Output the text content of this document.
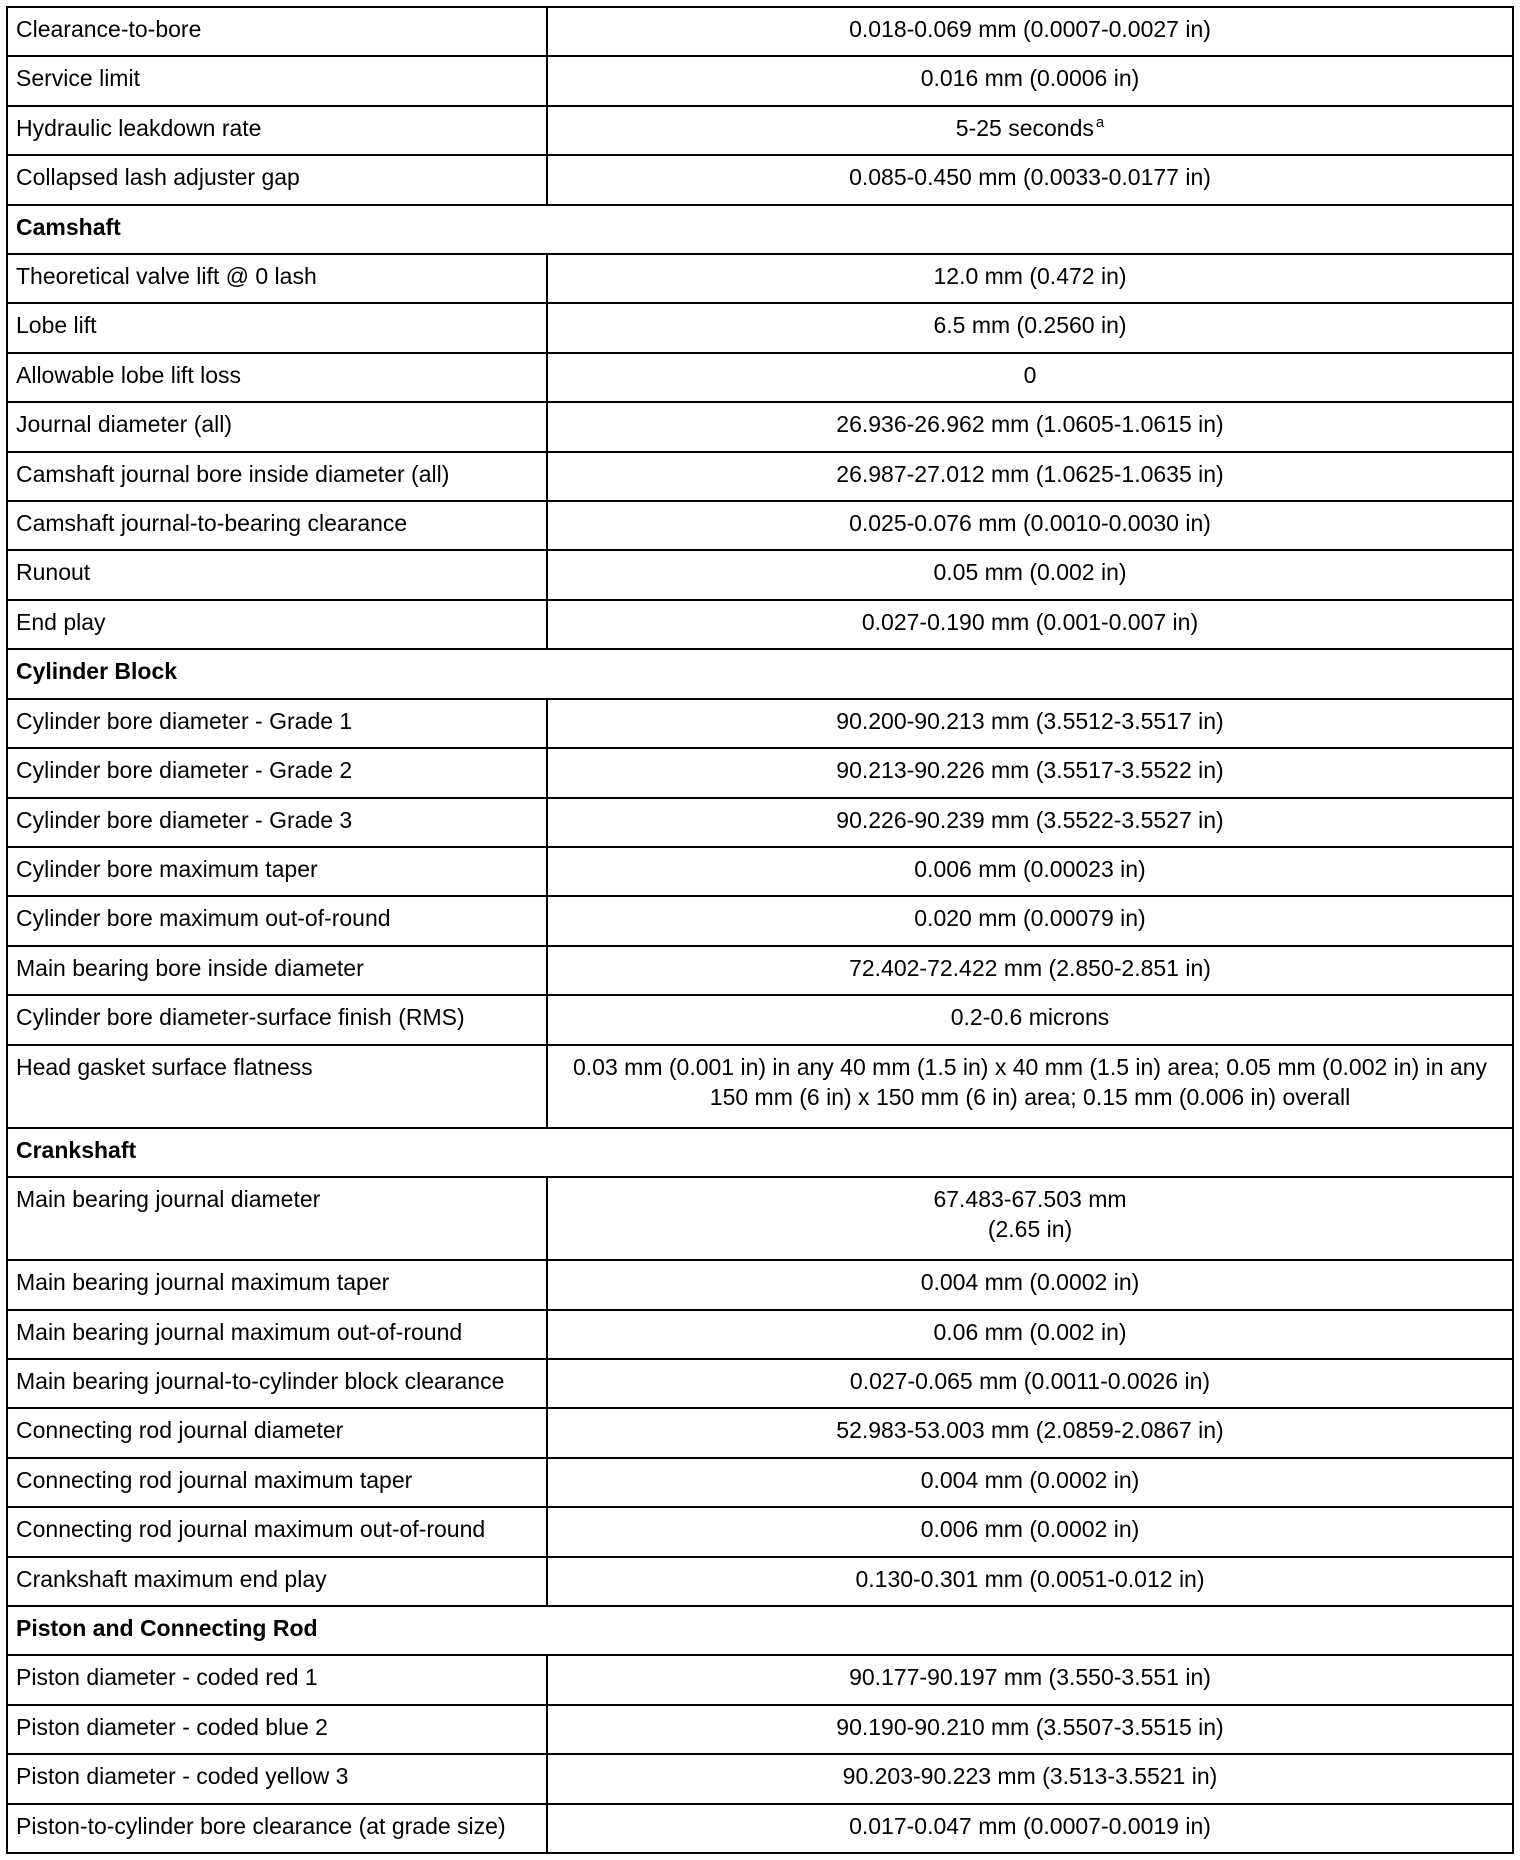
Clearance-to-bore	0.018-0.069 mm (0.0007-0.0027 in)
Service limit	0.016 mm (0.0006 in)
Hydraulic leakdown rate	5-25 seconds $^a$
Collapsed lash adjuster gap	0.085-0.450 mm (0.0033-0.0177 in)
Camshaft	
Theoretical valve lift @ 0 lash	12.0 mm (0.472 in)
Lobe lift	6.5 mm (0.2560 in)
Allowable lobe lift loss	0
Journal diameter (all)	26.936-26.962 mm (1.0605-1.0615 in)
Camshaft journal bore inside diameter (all)	26.987-27.012 mm (1.0625-1.0635 in)
Camshaft journal-to-bearing clearance	0.025-0.076 mm (0.0010-0.0030 in)
Runout	0.05 mm (0.002 in)
End play	0.027-0.190 mm (0.001-0.007 in)
Cylinder Block	
Cylinder bore diameter - Grade 1	90.200-90.213 mm (3.5512-3.5517 in)
Cylinder bore diameter - Grade 2	90.213-90.226 mm (3.5517-3.5522 in)
Cylinder bore diameter - Grade 3	90.226-90.239 mm (3.5522-3.5527 in)
Cylinder bore maximum taper	0.006 mm (0.00023 in)
Cylinder bore maximum out-of-round	0.020 mm (0.00079 in)
Main bearing bore inside diameter	72.402-72.422 mm (2.850-2.851 in)
Cylinder bore diameter-surface finish (RMS)	0.2-0.6 microns
Head gasket surface flatness	0.03 mm (0.001 in) in any 40 mm (1.5 in) x 40 mm (1.5 in) area; 0.05 mm (0.002 in) in any 150 mm (6 in) x 150 mm (6 in) area; 0.15 mm (0.006 in) overall
Crankshaft	
Main bearing journal diameter	67.483-67.503 mm
(2.65 in)
Main bearing journal maximum taper	0.004 mm (0.0002 in)
Main bearing journal maximum out-of-round	0.06 mm (0.002 in)
Main bearing journal-to-cylinder block clearance	0.027-0.065 mm (0.0011-0.0026 in)
Connecting rod journal diameter	52.983-53.003 mm (2.0859-2.0867 in)
Connecting rod journal maximum taper	0.004 mm (0.0002 in)
Connecting rod journal maximum out-of-round	0.006 mm (0.0002 in)
Crankshaft maximum end play	0.130-0.301 mm (0.0051-0.012 in)
Piston and Connecting Rod	
Piston diameter - coded red 1	90.177-90.197 mm (3.550-3.551 in)
Piston diameter - coded blue 2	90.190-90.210 mm (3.5507-3.5515 in)
Piston diameter - coded yellow 3	90.203-90.223 mm (3.513-3.5521 in)
Piston-to-cylinder bore clearance (at grade size)	0.017-0.047 mm (0.0007-0.0019 in)
